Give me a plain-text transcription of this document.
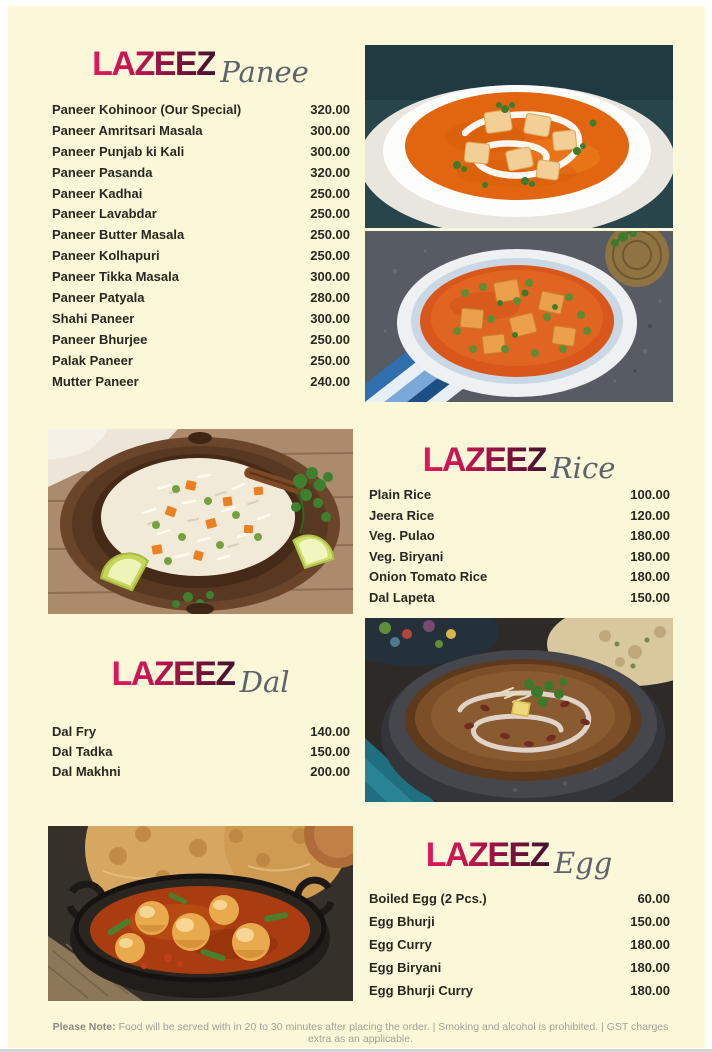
LAZEEZ Panee
Paneer Kohinoor (Our Special)	320.00
Paneer Amritsari Masala	300.00
Paneer Punjab ki Kali	300.00
Paneer Pasanda	320.00
Paneer Kadhai	250.00
Paneer Lavabdar	250.00
Paneer Butter Masala	250.00
Paneer Kolhapuri	250.00
Paneer Tikka Masala	300.00
Paneer Patyala	280.00
Shahi Paneer	300.00
Paneer Bhurjee	250.00
Palak Paneer	250.00
Mutter Paneer	240.00
LAZEEZ Rice
Plain Rice	100.00
Jeera Rice	120.00
Veg. Pulao	180.00
Veg. Biryani	180.00
Onion Tomato Rice	180.00
Dal Lapeta	150.00
LAZEEZ Dal
Dal Fry	140.00
Dal Tadka	150.00
Dal Makhni	200.00
LAZEEZ Egg
Boiled Egg (2 Pcs.)	60.00
Egg Bhurji	150.00
Egg Curry	180.00
Egg Biryani	180.00
Egg Bhurji Curry	180.00
Please Note: Food will be served with in 20 to 30 minutes after placing the order. | Smoking and alcohol is prohibited. | GST charges extra as an applicable.
